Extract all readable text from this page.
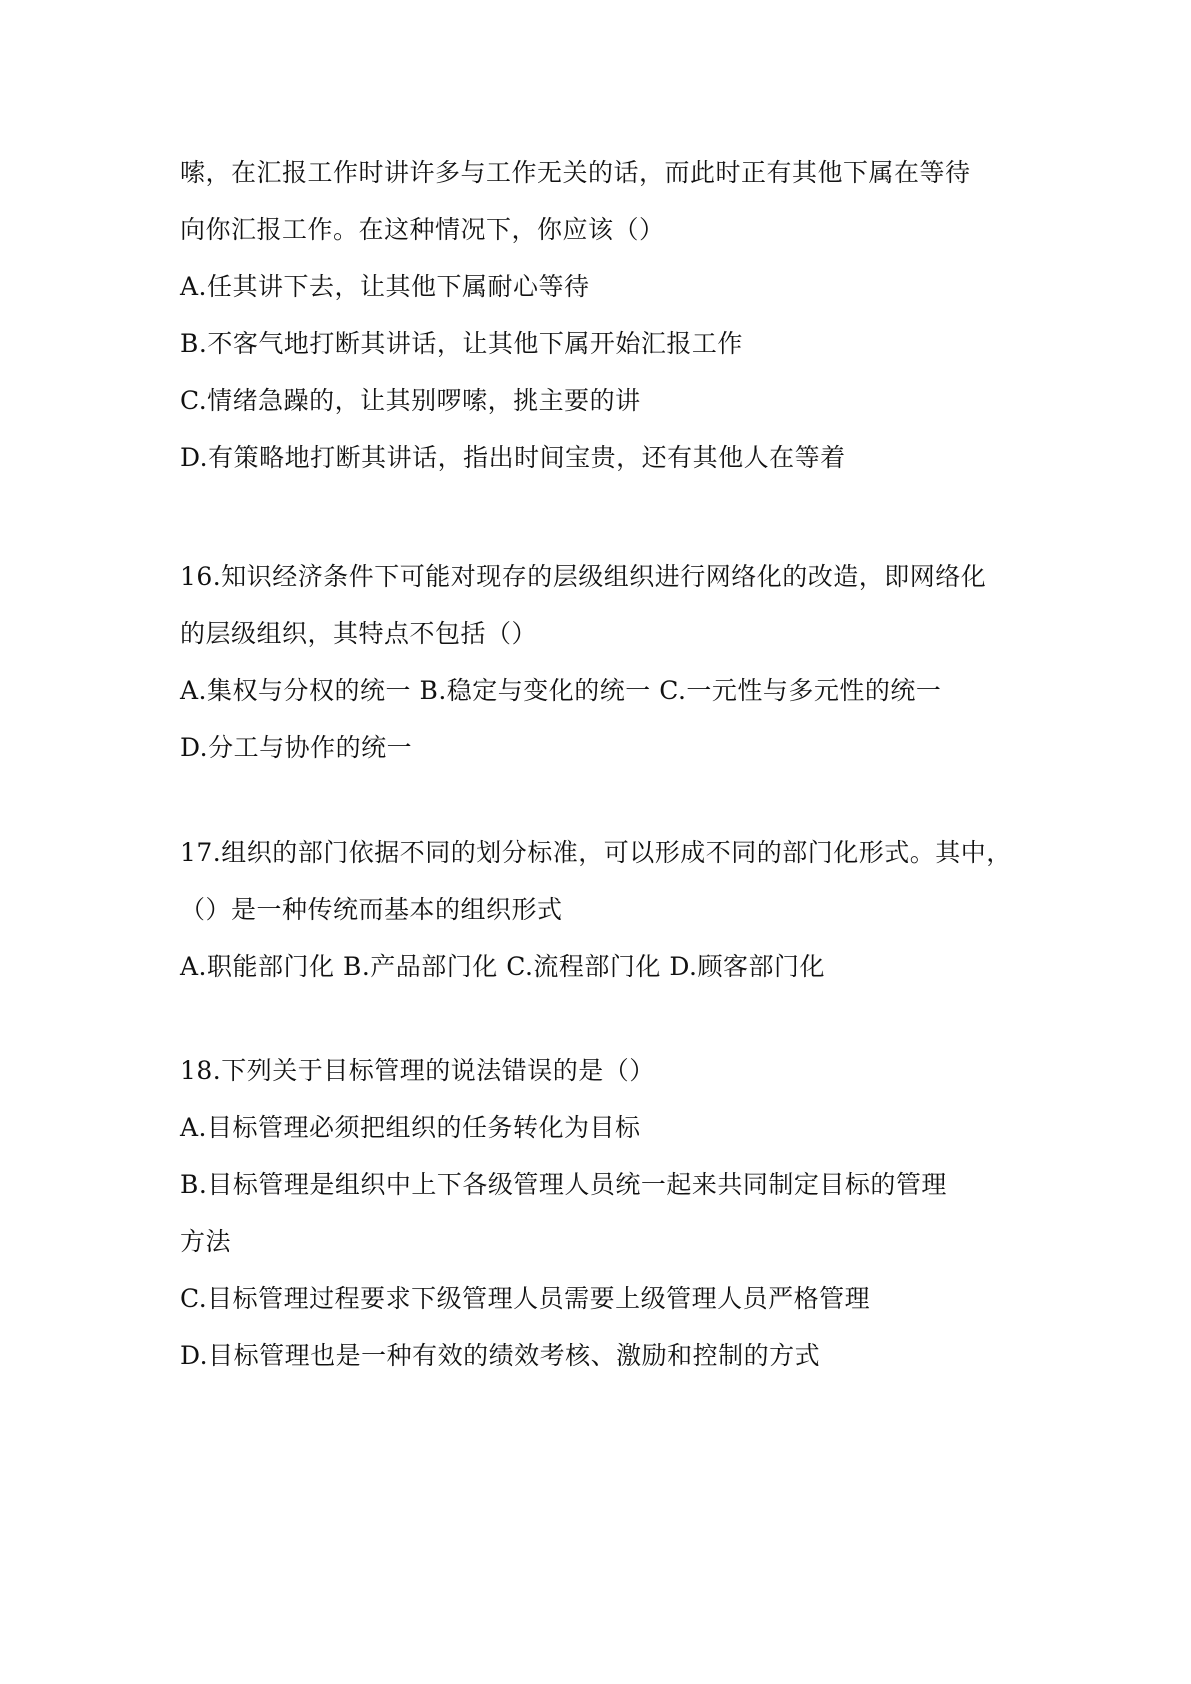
嗦，在汇报工作时讲许多与工作无关的话，而此时正有其他下属在等待
向你汇报工作。在这种情况下，你应该（）
A.任其讲下去，让其他下属耐心等待
B.不客气地打断其讲话，让其他下属开始汇报工作
C.情绪急躁的，让其别啰嗦，挑主要的讲
D.有策略地打断其讲话，指出时间宝贵，还有其他人在等着
16.知识经济条件下可能对现存的层级组织进行网络化的改造，即网络化
的层级组织，其特点不包括（）
A.集权与分权的统一 B.稳定与变化的统一 C.一元性与多元性的统一
D.分工与协作的统一
17.组织的部门依据不同的划分标准，可以形成不同的部门化形式。其中，
（）是一种传统而基本的组织形式
A.职能部门化 B.产品部门化 C.流程部门化 D.顾客部门化
18.下列关于目标管理的说法错误的是（）
A.目标管理必须把组织的任务转化为目标
B.目标管理是组织中上下各级管理人员统一起来共同制定目标的管理
方法
C.目标管理过程要求下级管理人员需要上级管理人员严格管理
D.目标管理也是一种有效的绩效考核、激励和控制的方式
